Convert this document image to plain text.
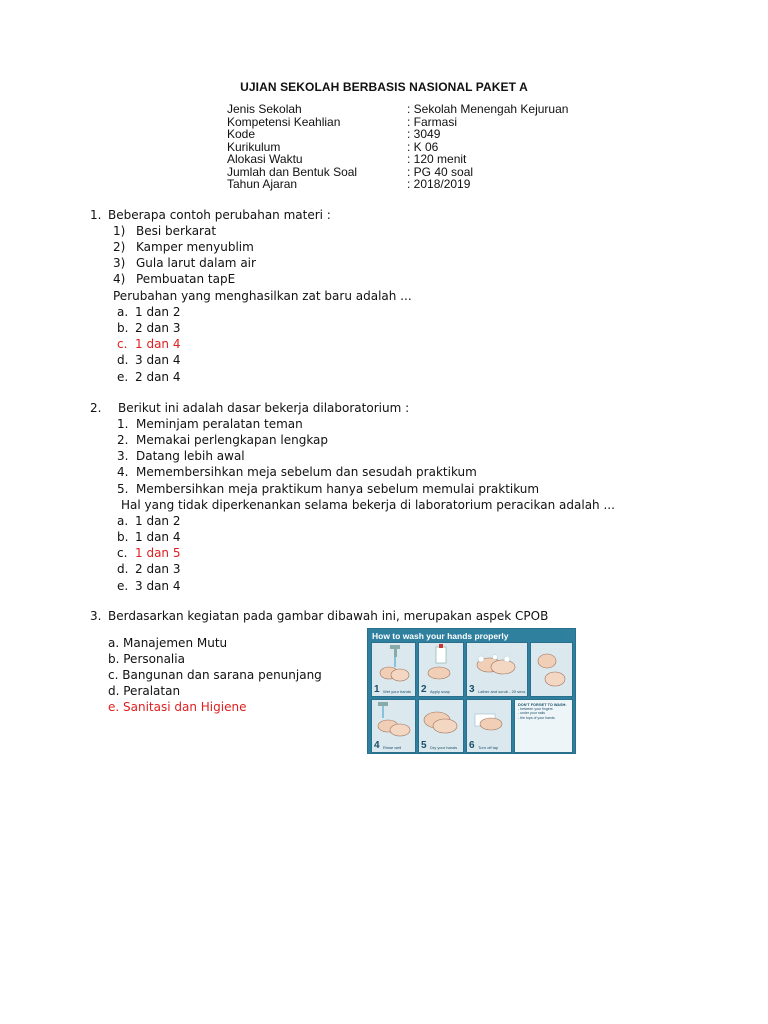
UJIAN SEKOLAH BERBASIS NASIONAL PAKET A
Jenis Sekolah	: Sekolah Menengah Kejuruan
Kompetensi Keahlian	: Farmasi
Kode	: 3049
Kurikulum	: K 06
Alokasi Waktu	: 120 menit
Jumlah dan Bentuk Soal	: PG 40 soal
Tahun Ajaran	: 2018/2019
1. Beberapa contoh perubahan materi :
1) Besi berkarat
2) Kamper menyublim
3) Gula larut dalam air
4) Pembuatan tapE
Perubahan yang menghasilkan zat baru adalah ...
a. 1 dan 2
b. 2 dan 3
c. 1 dan 4
d. 3 dan 4
e. 2 dan 4
2. Berikut ini adalah dasar bekerja dilaboratorium :
1. Meminjam peralatan teman
2. Memakai perlengkapan lengkap
3. Datang lebih awal
4. Memembersihkan meja sebelum dan sesudah praktikum
5. Membersihkan meja praktikum hanya sebelum memulai praktikum
Hal yang tidak diperkenankan selama bekerja di laboratorium peracikan adalah ...
a. 1 dan 2
b. 1 dan 4
c. 1 dan 5
d. 2 dan 3
e. 3 dan 4
3. Berdasarkan kegiatan pada gambar dibawah ini, merupakan aspek CPOB
a. Manajemen Mutu
b. Personalia
c. Bangunan dan sarana penunjang
d. Peralatan
e. Sanitasi dan Higiene
How to wash your hands properly
1 Wet your hands 2 Apply soap 3 Lather and scrub - 20 secs
4 Rinse well 5 Dry your hands 6 Turn off tap
DON'T FORGET TO WASH:
- between your fingers
- under your nails
- the tops of your hands
